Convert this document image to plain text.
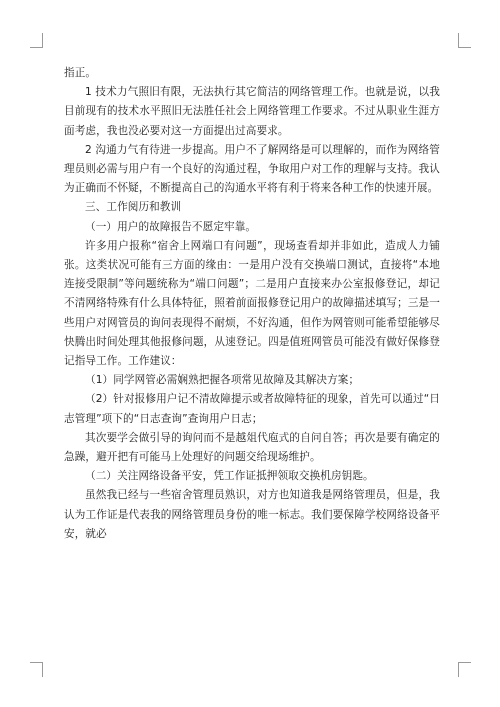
指正。

1 技术力气照旧有限，无法执行其它简洁的网络管理工作。也就是说，以我目前现有的技术水平照旧无法胜任社会上网络管理工作要求。不过从职业生涯方面考虑，我也没必要对这一方面提出过高要求。

2 沟通力气有待进一步提高。用户不了解网络是可以理解的，而作为网络管理员则必需与用户有一个良好的沟通过程，争取用户对工作的理解与支持。我认为正确而不怀疑，不断提高自己的沟通水平将有利于将来各种工作的快速开展。

三、工作阅历和教训

（一）用户的故障报告不愿定牢靠。

许多用户报称“宿舍上网端口有问题”，现场查看却并非如此，造成人力铺张。这类状况可能有三方面的缘由：一是用户没有交换端口测试，直接将“本地连接受限制”等问题统称为“端口问题”；二是用户直接来办公室报修登记，却记不清网络特殊有什么具体特征，照着前面报修登记用户的故障描述填写；三是一些用户对网管员的询问表现得不耐烦，不好沟通，但作为网管则可能希望能够尽快腾出时间处理其他报修问题，从速登记。四是值班网管员可能没有做好保修登记指导工作。工作建议：

（1）同学网管必需娴熟把握各项常见故障及其解决方案；

（2）针对报修用户记不清故障提示或者故障特征的现象，首先可以通过“日志管理”项下的“日志查询”查询用户日志；

其次要学会做引导的询问而不是越俎代庖式的自问自答；再次是要有确定的急躁，避开把有可能马上处理好的问题交给现场维护。

（二）关注网络设备平安，凭工作证抵押领取交换机房钥匙。

虽然我已经与一些宿舍管理员熟识，对方也知道我是网络管理员，但是，我认为工作证是代表我的网络管理员身份的唯一标志。我们要保障学校网络设备平安，就必
